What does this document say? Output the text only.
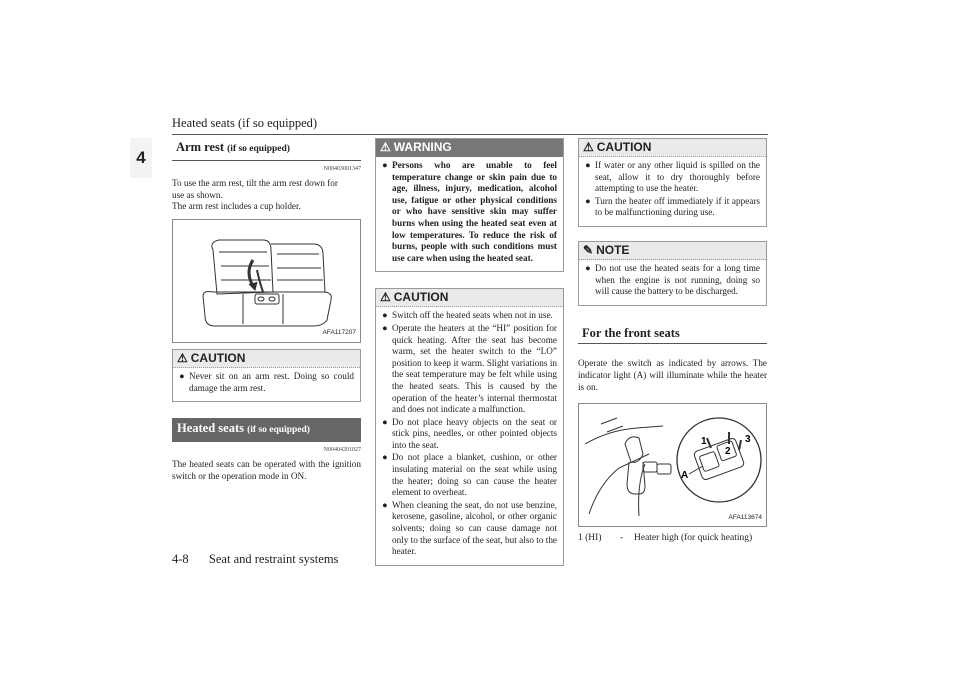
Heated seats (if so equipped)
4
Arm rest (if so equipped)
N00403001347

To use the arm rest, tilt the arm rest down for

use as shown.

The arm rest includes a cup holder.

AFA117207
⚠ CAUTION
● Never sit on an arm rest. Doing so could damage the arm rest.
Heated seats (if so equipped)
N00404201027
The heated seats can be operated with the ignition switch or the operation mode in ON.
⚠ WARNING
● Persons who are unable to feel temperature change or skin pain due to age, illness, injury, medication, alcohol use, fatigue or other physical conditions or who have sensitive skin may suffer burns when using the heated seat even at low temperatures. To reduce the risk of burns, people with such conditions must use care when using the heated seat.
⚠ CAUTION
● Switch off the heated seats when not in use.
● Operate the heaters at the “HI” position for quick heating. After the seat has become warm, set the heater switch to the “LO” position to keep it warm. Slight variations in the seat temperature may be felt while using the heated seats. This is caused by the operation of the heater’s internal thermostat and does not indicate a malfunction.
● Do not place heavy objects on the seat or stick pins, needles, or other pointed objects into the seat.
● Do not place a blanket, cushion, or other insulating material on the seat while using the heater; doing so can cause the heater element to overheat.
● When cleaning the seat, do not use benzine, kerosene, gasoline, alcohol, or other organic solvents; doing so can cause damage not only to the surface of the seat, but also to the heater.
⚠ CAUTION
● If water or any other liquid is spilled on the seat, allow it to dry thoroughly before attempting to use the heater.
● Turn the heater off immediately if it appears to be malfunctioning during use.
✎ NOTE
● Do not use the heated seats for a long time when the engine is not running, doing so will cause the battery to be discharged.
For the front seats
Operate the switch as indicated by arrows. The indicator light (A) will illuminate while the heater is on.
1
2
3
A
AFA113674
1 (HI)	-	Heater high (for quick heating)
4-8 Seat and restraint systems
